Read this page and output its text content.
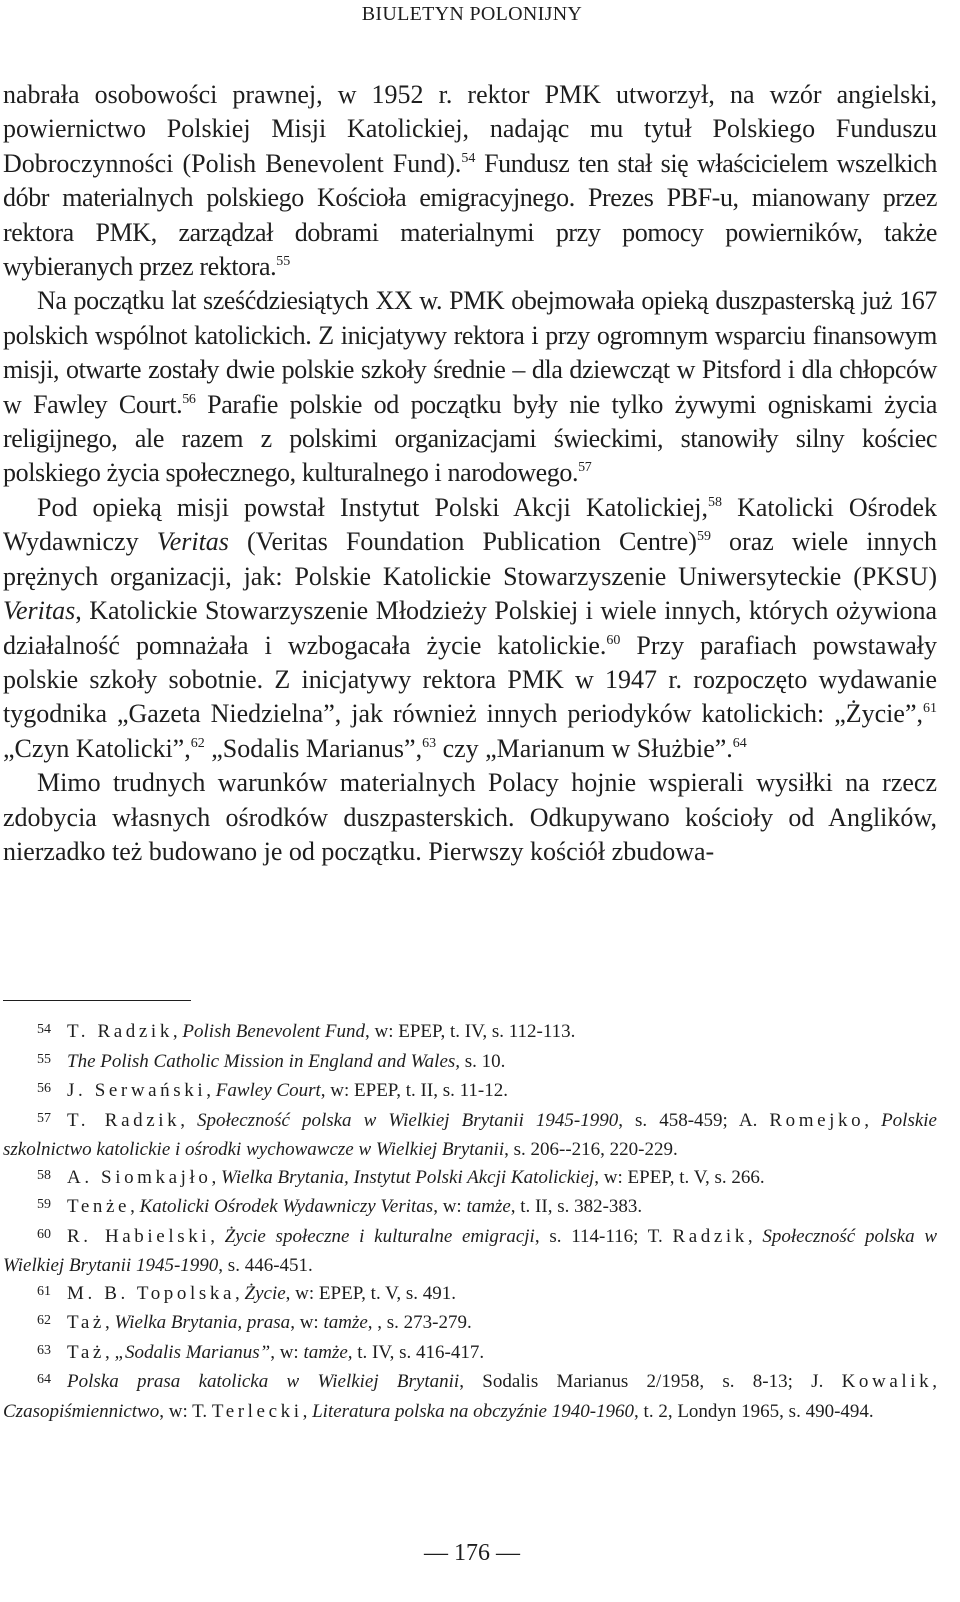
BIULETYN POLONIJNY

nabrała osobowości prawnej, w 1952 r. rektor PMK utworzył, na wzór angielski, powiernictwo Polskiej Misji Katolickiej, nadając mu tytuł Polskiego Funduszu Dobroczynności (Polish Benevolent Fund).$^{54}$ Fundusz ten stał się właścicielem wszelkich dóbr materialnych polskiego Kościoła emigracyjnego. Prezes PBF-u, mianowany przez rektora PMK, zarządzał dobrami materialnymi przy pomocy powierników, także wybieranych przez rektora.$^{55}$

Na początku lat sześćdziesiątych XX w. PMK obejmowała opieką duszpasterską już 167 polskich wspólnot katolickich. Z inicjatywy rektora i przy ogromnym wsparciu finansowym misji, otwarte zostały dwie polskie szkoły średnie – dla dziewcząt w Pitsford i dla chłopców w Fawley Court.$^{56}$ Parafie polskie od początku były nie tylko żywymi ogniskami życia religijnego, ale razem z polskimi organizacjami świeckimi, stanowiły silny kościec polskiego życia społecznego, kulturalnego i narodowego.$^{57}$

Pod opieką misji powstał Instytut Polski Akcji Katolickiej,$^{58}$ Katolicki Ośrodek Wydawniczy Veritas (Veritas Foundation Publication Centre)$^{59}$ oraz wiele innych prężnych organizacji, jak: Polskie Katolickie Stowarzyszenie Uniwersyteckie (PKSU) Veritas, Katolickie Stowarzyszenie Młodzieży Polskiej i wiele innych, których ożywiona działalność pomnażała i wzbogacała życie katolickie.$^{60}$ Przy parafiach powstawały polskie szkoły sobotnie. Z inicjatywy rektora PMK w 1947 r. rozpoczęto wydawanie tygodnika „Gazeta Niedzielna”, jak również innych periodyków katolickich: „Życie”,$^{61}$ „Czyn Katolicki”,$^{62}$ „Sodalis Marianus”,$^{63}$ czy „Marianum w Służbie”.$^{64}$

Mimo trudnych warunków materialnych Polacy hojnie wspierali wysiłki na rzecz zdobycia własnych ośrodków duszpasterskich. Odkupywano kościoły od Anglików, nierzadko też budowano je od początku. Pierwszy kościół zbudowa-

54 T. Radzik, Polish Benevolent Fund, w: EPEP, t. IV, s. 112-113.

55 The Polish Catholic Mission in England and Wales, s. 10.

56 J. Serwański, Fawley Court, w: EPEP, t. II, s. 11-12.

57 T. Radzik, Społeczność polska w Wielkiej Brytanii 1945-1990, s. 458-459; A. Romejko, Polskie szkolnictwo katolickie i ośrodki wychowawcze w Wielkiej Brytanii, s. 206--216, 220-229.

58 A. Siomkajło, Wielka Brytania, Instytut Polski Akcji Katolickiej, w: EPEP, t. V, s. 266.

59 Tenże, Katolicki Ośrodek Wydawniczy Veritas, w: tamże, t. II, s. 382-383.

60 R. Habielski, Życie społeczne i kulturalne emigracji, s. 114-116; T. Radzik, Społeczność polska w Wielkiej Brytanii 1945-1990, s. 446-451.

61 M. B. Topolska, Życie, w: EPEP, t. V, s. 491.

62 Taż, Wielka Brytania, prasa, w: tamże, , s. 273-279.

63 Taż, „Sodalis Marianus”, w: tamże, t. IV, s. 416-417.

64 Polska prasa katolicka w Wielkiej Brytanii, Sodalis Marianus 2/1958, s. 8-13; J. Kowalik, Czasopiśmiennictwo, w: T. Terlecki, Literatura polska na obczyźnie 1940-1960, t. 2, Londyn 1965, s. 490-494.

— 176 —
